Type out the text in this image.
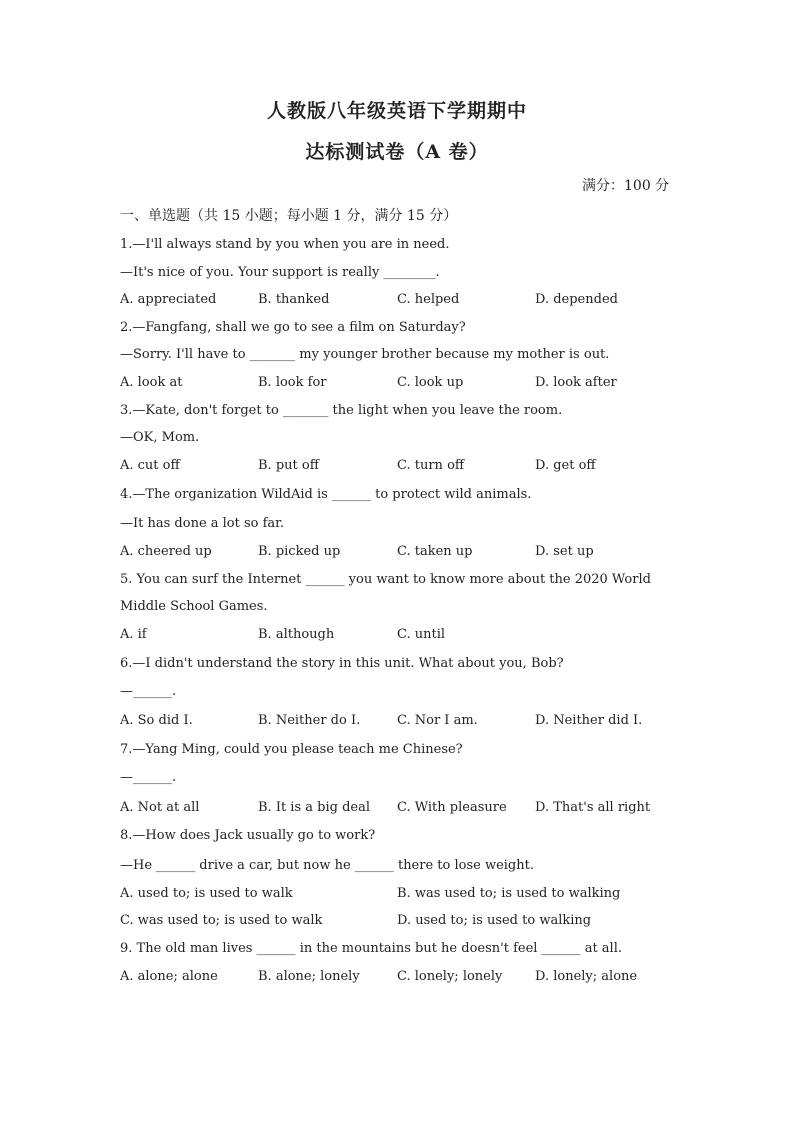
人教版八年级英语下学期期中
达标测试卷（A 卷）
满分：100 分
一、单选题（共 15 小题；每小题 1 分，满分 15 分）
1.—I'll always stand by you when you are in need.
—It's nice of you. Your support is really ________.
A. appreciated	B. thanked	C. helped	D. depended
2.—Fangfang, shall we go to see a film on Saturday?
—Sorry. I'll have to _______ my younger brother because my mother is out.
A. look at	B. look for	C. look up	D. look after
3.—Kate, don't forget to _______ the light when you leave the room.
—OK, Mom.
A. cut off	B. put off	C. turn off	D. get off
4.—The organization WildAid is ______ to protect wild animals.
—It has done a lot so far.
A. cheered up	B. picked up	C. taken up	D. set up
5. You can surf the Internet ______ you want to know more about the 2020 World
Middle School Games.
A. if	B. although	C. until
6.—I didn't understand the story in this unit. What about you, Bob?
—______.
A. So did I.	B. Neither do I.	C. Nor I am.	D. Neither did I.
7.—Yang Ming, could you please teach me Chinese?
—______.
A. Not at all	B. It is a big deal C. With pleasure D. That's all right
8.—How does Jack usually go to work?
—He ______ drive a car, but now he ______ there to lose weight.
A. used to; is used to walk	B. was used to; is used to walking
C. was used to; is used to walk	D. used to; is used to walking
9. The old man lives ______ in the mountains but he doesn't feel ______ at all.
A. alone; alone	B. alone; lonely	C. lonely; lonely	D. lonely; alone
